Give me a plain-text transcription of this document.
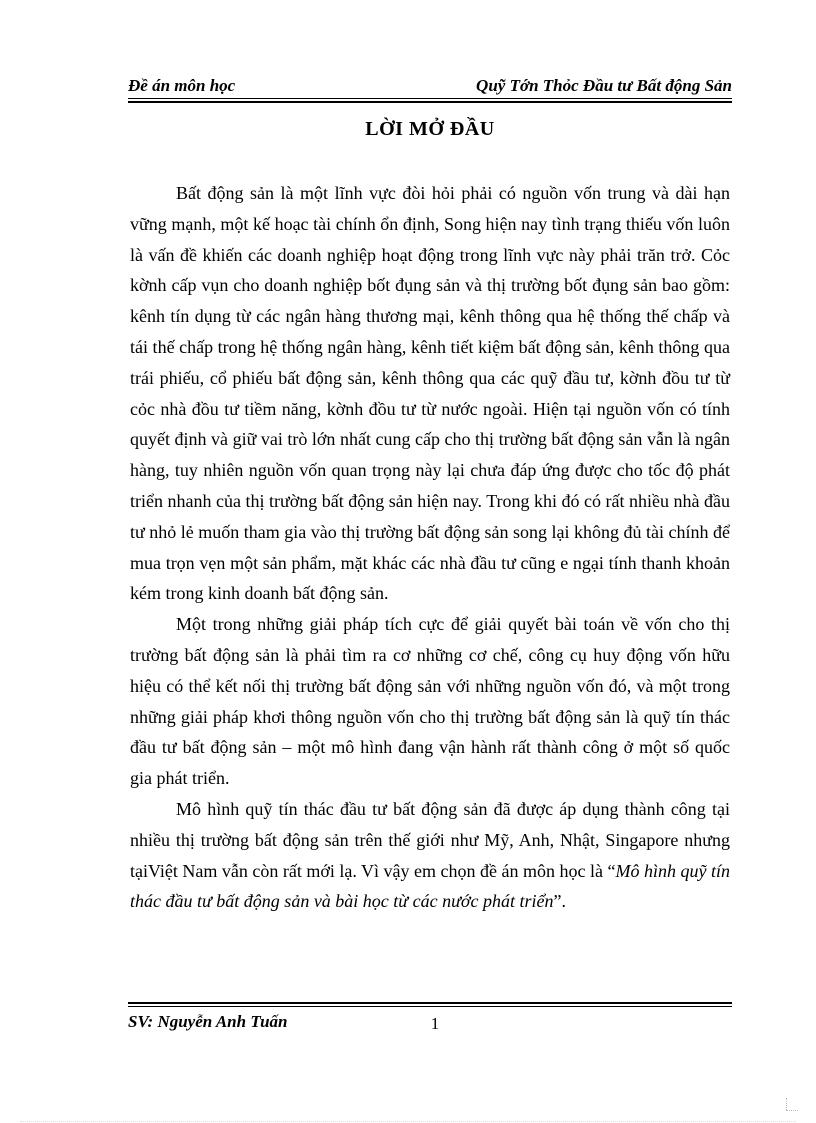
Đề án môn học	Quỹ Tớn Thỏc Đầu tư Bất động Sản
LỜI MỞ ĐẦU

Bất động sản là một lĩnh vực đòi hỏi phải có nguồn vốn trung và dài hạn vững mạnh, một kế hoạc tài chính ổn định, Song hiện nay tình trạng thiếu vốn luôn là vấn đề khiến các doanh nghiệp hoạt động trong lĩnh vực này phải trăn trở. Cỏc kờnh cấp vụn cho doanh nghiệp bốt đụng sản và thị trường bốt đụng sản bao gồm: kênh tín dụng từ các ngân hàng thương mại, kênh thông qua hệ thống thế chấp và tái thế chấp trong hệ thống ngân hàng, kênh tiết kiệm bất động sản, kênh thông qua trái phiếu, cổ phiếu bất động sản, kênh thông qua các quỹ đầu tư, kờnh đồu tư từ cỏc nhà đồu tư tiềm năng, kờnh đồu tư từ nước ngoài. Hiện tại nguồn vốn có tính quyết định và giữ vai trò lớn nhất cung cấp cho thị trường bất động sản vẫn là ngân hàng, tuy nhiên nguồn vốn quan trọng này lại chưa đáp ứng được cho tốc độ phát triển nhanh của thị trường bất động sản hiện nay. Trong khi đó có rất nhiều nhà đầu tư nhỏ lẻ muốn tham gia vào thị trường bất động sản song lại không đủ tài chính để mua trọn vẹn một sản phẩm, mặt khác các nhà đầu tư cũng e ngại tính thanh khoản kém trong kinh doanh bất động sản.

Một trong những giải pháp tích cực để giải quyết bài toán về vốn cho thị trường bất động sản là phải tìm ra cơ những cơ chế, công cụ huy động vốn hữu hiệu có thể kết nối thị trường bất động sản với những nguồn vốn đó, và một trong những giải pháp khơi thông nguồn vốn cho thị trường bất động sản là quỹ tín thác đầu tư bất động sản – một mô hình đang vận hành rất thành công ở một số quốc gia phát triển.

Mô hình quỹ tín thác đầu tư bất động sản đã được áp dụng thành công tại nhiều thị trường bất động sản trên thế giới như Mỹ, Anh, Nhật, Singapore nhưng tạiViệt Nam vẫn còn rất mới lạ. Vì vậy em chọn đề án môn học là “Mô hình quỹ tín thác đầu tư bất động sản và bài học từ các nước phát triển”.

SV: Nguyễn Anh Tuấn	1
